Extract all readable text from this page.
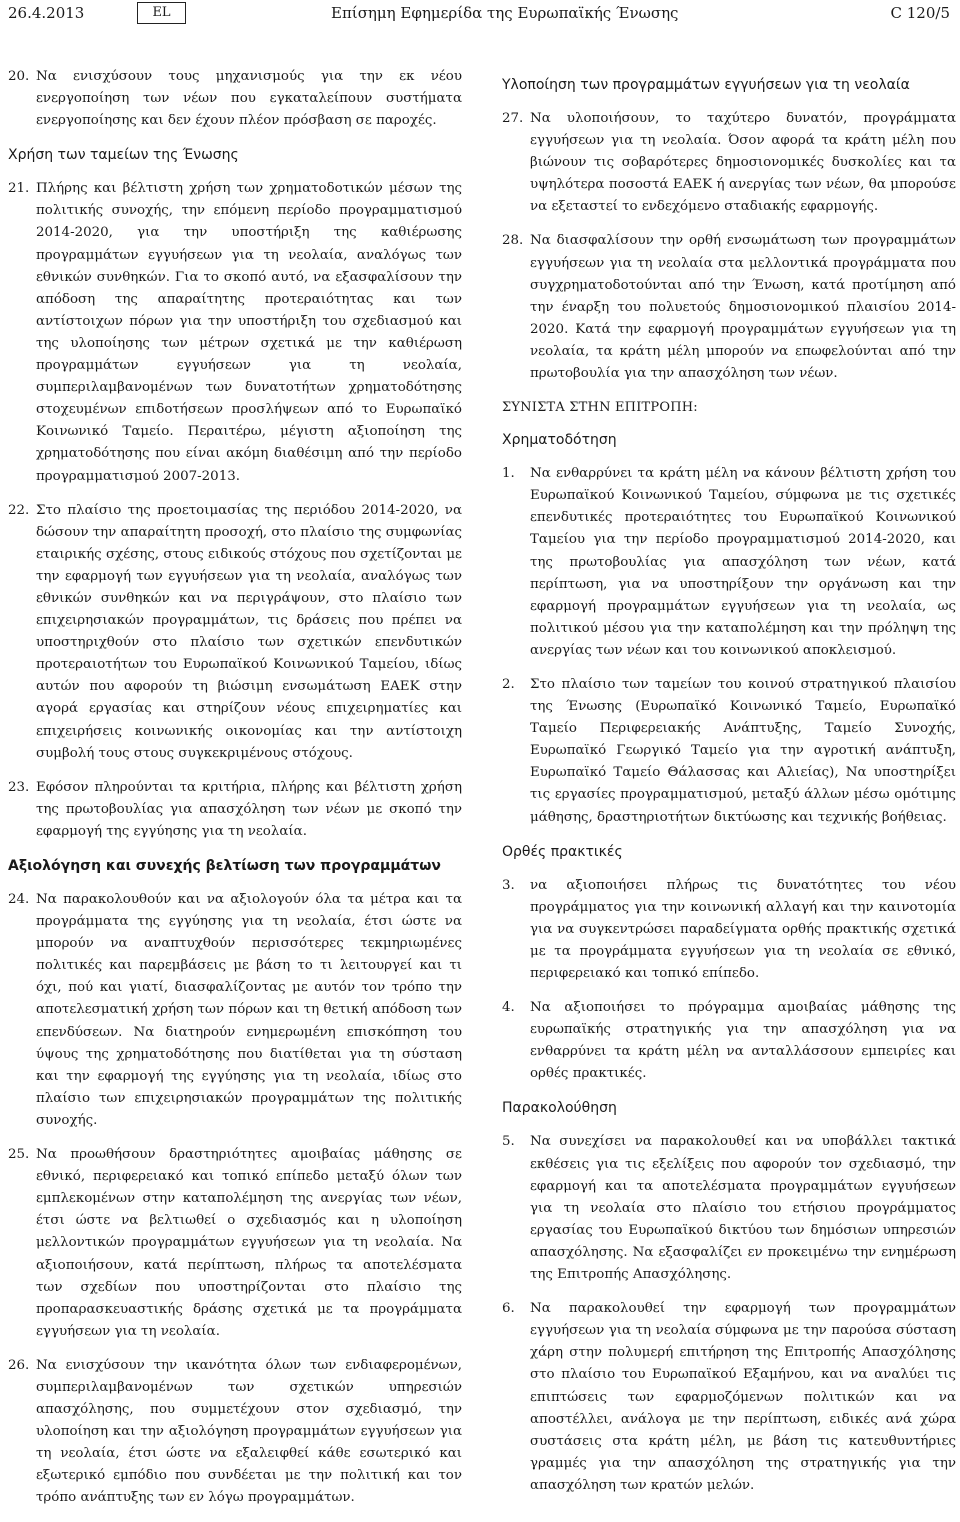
26.4.2013	EL	Επίσημη Εφημερίδα της Ευρωπαϊκής Ένωσης	C 120/5
20. Να ενισχύσουν τους μηχανισμούς για την εκ νέου ενεργοποίηση των νέων που εγκαταλείπουν συστήματα ενεργοποίησης και δεν έχουν πλέον πρόσβαση σε παροχές.
Χρήση των ταμείων της Ένωσης
21. Πλήρης και βέλτιστη χρήση των χρηματοδοτικών μέσων της πολιτικής συνοχής, την επόμενη περίοδο προγραμματισμού 2014-2020, για την υποστήριξη της καθιέρωσης προγραμμάτων εγγυήσεων για τη νεολαία, αναλόγως των εθνικών συνθηκών. Για το σκοπό αυτό, να εξασφαλίσουν την απόδοση της απαραίτητης προτεραιότητας και των αντίστοιχων πόρων για την υποστήριξη του σχεδιασμού και της υλοποίησης των μέτρων σχετικά με την καθιέρωση προγραμμάτων εγγυήσεων για τη νεολαία, συμπεριλαμβανομένων των δυνατοτήτων χρηματοδότησης στοχευμένων επιδοτήσεων προσλήψεων από το Ευρωπαϊκό Κοινωνικό Ταμείο. Περαιτέρω, μέγιστη αξιοποίηση της χρηματοδότησης που είναι ακόμη διαθέσιμη από την περίοδο προγραμματισμού 2007-2013.
22. Στο πλαίσιο της προετοιμασίας της περιόδου 2014-2020, να δώσουν την απαραίτητη προσοχή, στο πλαίσιο της συμφωνίας εταιρικής σχέσης, στους ειδικούς στόχους που σχετίζονται με την εφαρμογή των εγγυήσεων για τη νεολαία, αναλόγως των εθνικών συνθηκών και να περιγράψουν, στο πλαίσιο των επιχειρησιακών προγραμμάτων, τις δράσεις που πρέπει να υποστηριχθούν στο πλαίσιο των σχετικών επενδυτικών προτεραιοτήτων του Ευρωπαϊκού Κοινωνικού Ταμείου, ιδίως αυτών που αφορούν τη βιώσιμη ενσωμάτωση ΕΑΕΚ στην αγορά εργασίας και στηρίζουν νέους επιχειρηματίες και επιχειρήσεις κοινωνικής οικονομίας και την αντίστοιχη συμβολή τους στους συγκεκριμένους στόχους.
23. Εφόσον πληρούνται τα κριτήρια, πλήρης και βέλτιστη χρήση της πρωτοβουλίας για απασχόληση των νέων με σκοπό την εφαρμογή της εγγύησης για τη νεολαία.
Αξιολόγηση και συνεχής βελτίωση των προγραμμάτων
24. Να παρακολουθούν και να αξιολογούν όλα τα μέτρα και τα προγράμματα της εγγύησης για τη νεολαία, έτσι ώστε να μπορούν να αναπτυχθούν περισσότερες τεκμηριωμένες πολιτικές και παρεμβάσεις με βάση το τι λειτουργεί και τι όχι, πού και γιατί, διασφαλίζοντας με αυτόν τον τρόπο την αποτελεσματική χρήση των πόρων και τη θετική απόδοση των επενδύσεων. Να διατηρούν ενημερωμένη επισκόπηση του ύψους της χρηματοδότησης που διατίθεται για τη σύσταση και την εφαρμογή της εγγύησης για τη νεολαία, ιδίως στο πλαίσιο των επιχειρησιακών προγραμμάτων της πολιτικής συνοχής.
25. Να προωθήσουν δραστηριότητες αμοιβαίας μάθησης σε εθνικό, περιφερειακό και τοπικό επίπεδο μεταξύ όλων των εμπλεκομένων στην καταπολέμηση της ανεργίας των νέων, έτσι ώστε να βελτιωθεί ο σχεδιασμός και η υλοποίηση μελλοντικών προγραμμάτων εγγυήσεων για τη νεολαία. Να αξιοποιήσουν, κατά περίπτωση, πλήρως τα αποτελέσματα των σχεδίων που υποστηρίζονται στο πλαίσιο της προπαρασκευαστικής δράσης σχετικά με τα προγράμματα εγγυήσεων για τη νεολαία.
26. Να ενισχύσουν την ικανότητα όλων των ενδιαφερομένων, συμπεριλαμβανομένων των σχετικών υπηρεσιών απασχόλησης, που συμμετέχουν στον σχεδιασμό, την υλοποίηση και την αξιολόγηση προγραμμάτων εγγυήσεων για τη νεολαία, έτσι ώστε να εξαλειφθεί κάθε εσωτερικό και εξωτερικό εμπόδιο που συνδέεται με την πολιτική και τον τρόπο ανάπτυξης των εν λόγω προγραμμάτων.
Υλοποίηση των προγραμμάτων εγγυήσεων για τη νεολαία
27. Να υλοποιήσουν, το ταχύτερο δυνατόν, προγράμματα εγγυήσεων για τη νεολαία. Όσον αφορά τα κράτη μέλη που βιώνουν τις σοβαρότερες δημοσιονομικές δυσκολίες και τα υψηλότερα ποσοστά ΕΑΕΚ ή ανεργίας των νέων, θα μπορούσε να εξεταστεί το ενδεχόμενο σταδιακής εφαρμογής.
28. Να διασφαλίσουν την ορθή ενσωμάτωση των προγραμμάτων εγγυήσεων για τη νεολαία στα μελλοντικά προγράμματα που συγχρηματοδοτούνται από την Ένωση, κατά προτίμηση από την έναρξη του πολυετούς δημοσιονομικού πλαισίου 2014-2020. Κατά την εφαρμογή προγραμμάτων εγγυήσεων για τη νεολαία, τα κράτη μέλη μπορούν να επωφελούνται από την πρωτοβουλία για την απασχόληση των νέων.
ΣΥΝΙΣΤΑ ΣΤΗΝ ΕΠΙΤΡΟΠΗ:
Χρηματοδότηση
1. Να ενθαρρύνει τα κράτη μέλη να κάνουν βέλτιστη χρήση του Ευρωπαϊκού Κοινωνικού Ταμείου, σύμφωνα με τις σχετικές επενδυτικές προτεραιότητες του Ευρωπαϊκού Κοινωνικού Ταμείου για την περίοδο προγραμματισμού 2014-2020, και της πρωτοβουλίας για απασχόληση των νέων, κατά περίπτωση, για να υποστηρίξουν την οργάνωση και την εφαρμογή προγραμμάτων εγγυήσεων για τη νεολαία, ως πολιτικού μέσου για την καταπολέμηση και την πρόληψη της ανεργίας των νέων και του κοινωνικού αποκλεισμού.
2. Στο πλαίσιο των ταμείων του κοινού στρατηγικού πλαισίου της Ένωσης (Ευρωπαϊκό Κοινωνικό Ταμείο, Ευρωπαϊκό Ταμείο Περιφερειακής Ανάπτυξης, Ταμείο Συνοχής, Ευρωπαϊκό Γεωργικό Ταμείο για την αγροτική ανάπτυξη, Ευρωπαϊκό Ταμείο Θάλασσας και Αλιείας), Να υποστηρίξει τις εργασίες προγραμματισμού, μεταξύ άλλων μέσω ομότιμης μάθησης, δραστηριοτήτων δικτύωσης και τεχνικής βοήθειας.
Ορθές πρακτικές
3. να αξιοποιήσει πλήρως τις δυνατότητες του νέου προγράμματος για την κοινωνική αλλαγή και την καινοτομία για να συγκεντρώσει παραδείγματα ορθής πρακτικής σχετικά με τα προγράμματα εγγυήσεων για τη νεολαία σε εθνικό, περιφερειακό και τοπικό επίπεδο.
4. Να αξιοποιήσει το πρόγραμμα αμοιβαίας μάθησης της ευρωπαϊκής στρατηγικής για την απασχόληση για να ενθαρρύνει τα κράτη μέλη να ανταλλάσσουν εμπειρίες και ορθές πρακτικές.
Παρακολούθηση
5. Να συνεχίσει να παρακολουθεί και να υποβάλλει τακτικά εκθέσεις για τις εξελίξεις που αφορούν τον σχεδιασμό, την εφαρμογή και τα αποτελέσματα προγραμμάτων εγγυήσεων για τη νεολαία στο πλαίσιο του ετήσιου προγράμματος εργασίας του Ευρωπαϊκού δικτύου των δημόσιων υπηρεσιών απασχόλησης. Να εξασφαλίζει εν προκειμένω την ενημέρωση της Επιτροπής Απασχόλησης.
6. Να παρακολουθεί την εφαρμογή των προγραμμάτων εγγυήσεων για τη νεολαία σύμφωνα με την παρούσα σύσταση χάρη στην πολυμερή επιτήρηση της Επιτροπής Απασχόλησης στο πλαίσιο του Ευρωπαϊκού Εξαμήνου, και να αναλύει τις επιπτώσεις των εφαρμοζόμενων πολιτικών και να αποστέλλει, ανάλογα με την περίπτωση, ειδικές ανά χώρα συστάσεις στα κράτη μέλη, με βάση τις κατευθυντήριες γραμμές για την απασχόληση της στρατηγικής για την απασχόληση των κρατών μελών.
